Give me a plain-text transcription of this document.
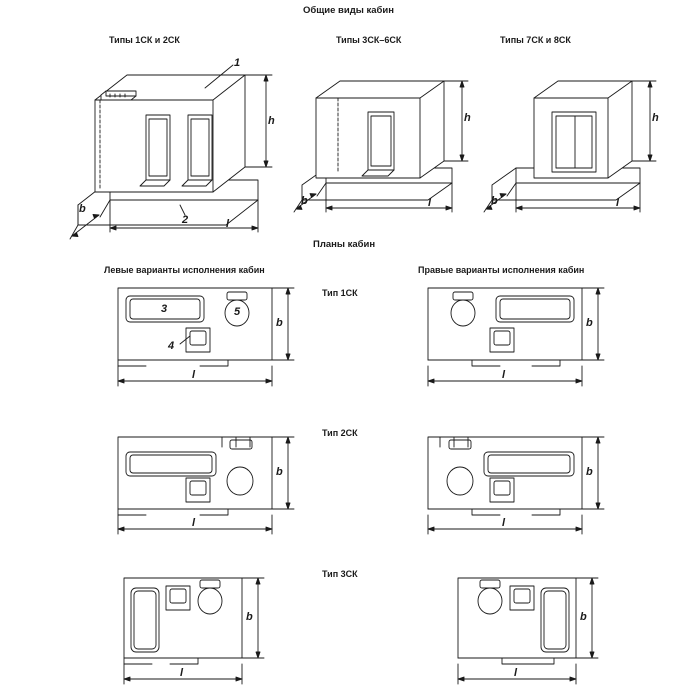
Общие виды кабин
Планы кабин
Типы 1СК и 2СК	Типы 3СК–6СК	Типы 7СК и 8СК
Левые варианты исполнения кабин	Правые варианты исполнения кабин
Тип 1СК
Тип 2СК
Тип 3СК
1
2
3
4
5
h
b
l
h
b	l
h
b	l
b
l
b
l
b
l
b
l
b
l
b
l
